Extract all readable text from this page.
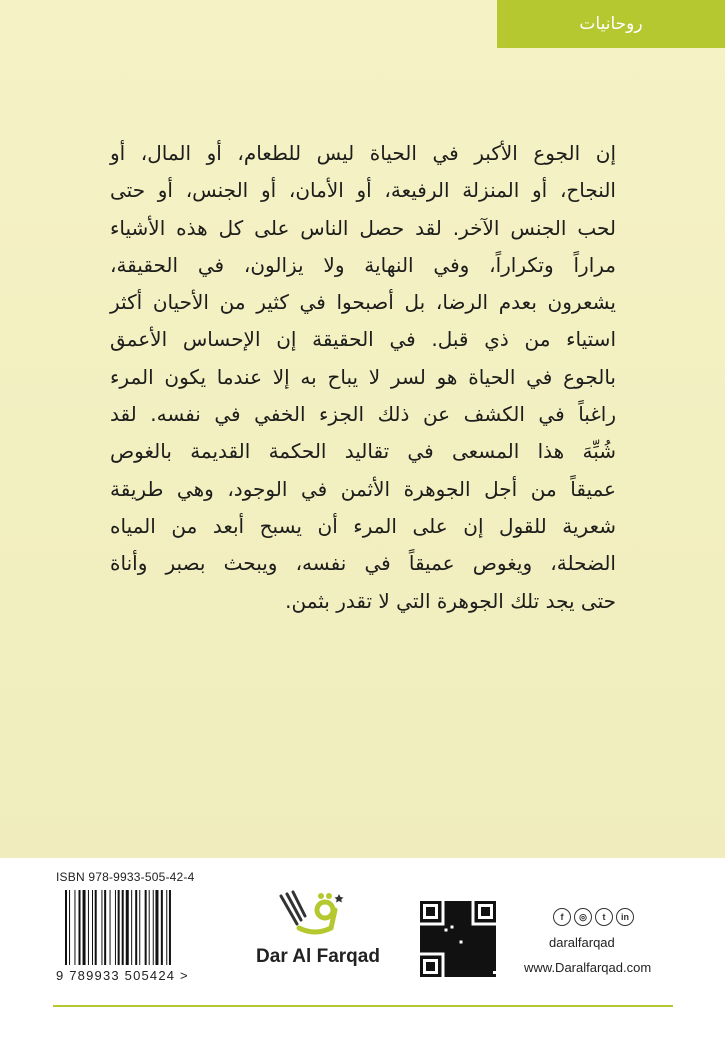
روحانيات
إن الجوع الأكبر في الحياة ليس للطعام، أو المال، أو
النجاح، أو المنزلة الرفيعة، أو الأمان، أو الجنس، أو حتى
لحب الجنس الآخر. لقد حصل الناس على كل هذه الأشياء
مراراً وتكراراً، وفي النهاية ولا يزالون، في الحقيقة،
يشعرون بعدم الرضا، بل أصبحوا في كثير من الأحيان أكثر
استياء من ذي قبل. في الحقيقة إن الإحساس الأعمق
بالجوع في الحياة هو لسر لا يباح به إلا عندما يكون المرء
راغباً في الكشف عن ذلك الجزء الخفي في نفسه. لقد
شُبِّهَ هذا المسعى في تقاليد الحكمة القديمة بالغوص
عميقاً من أجل الجوهرة الأثمن في الوجود، وهي طريقة
شعرية للقول إن على المرء أن يسبح أبعد من المياه
الضحلة، ويغوص عميقاً في نفسه، ويبحث بصبر وأناة
حتى يجد تلك الجوهرة التي لا تقدر بثمن.
ISBN 978-9933-505-42-4
9 789933 505424 >
Dar Al Farqad
f	◎	t	in
daralfarqad
www.Daralfarqad.com
